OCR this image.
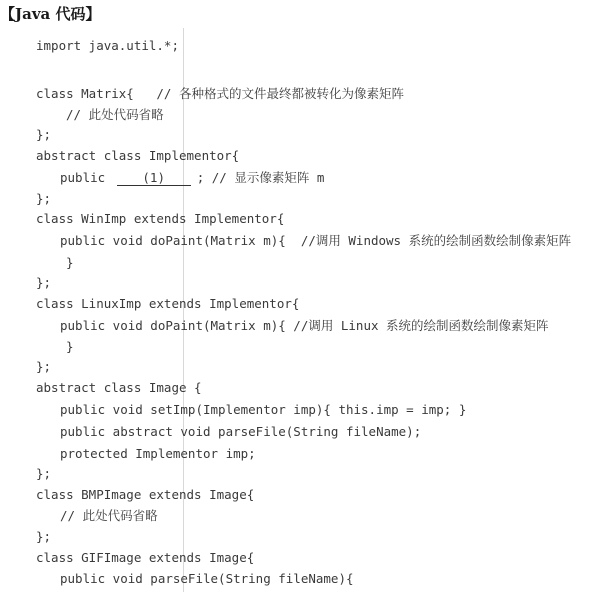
【Java 代码】
import java.util.*;
class Matrix{   // 各种格式的文件最终都被转化为像素矩阵
// 此处代码省略
};
abstract class Implementor{
public (1)	; // 显示像素矩阵 m
};
class WinImp extends Implementor{
public void doPaint(Matrix m){  //调用 Windows 系统的绘制函数绘制像素矩阵
}
};
class LinuxImp extends Implementor{
public void doPaint(Matrix m){ //调用 Linux 系统的绘制函数绘制像素矩阵
}
};
abstract class Image {
public void setImp(Implementor imp){ this.imp = imp; }
public abstract void parseFile(String fileName);
protected Implementor imp;
};
class BMPImage extends Image{
// 此处代码省略
};
class GIFImage extends Image{
public void parseFile(String fileName){
